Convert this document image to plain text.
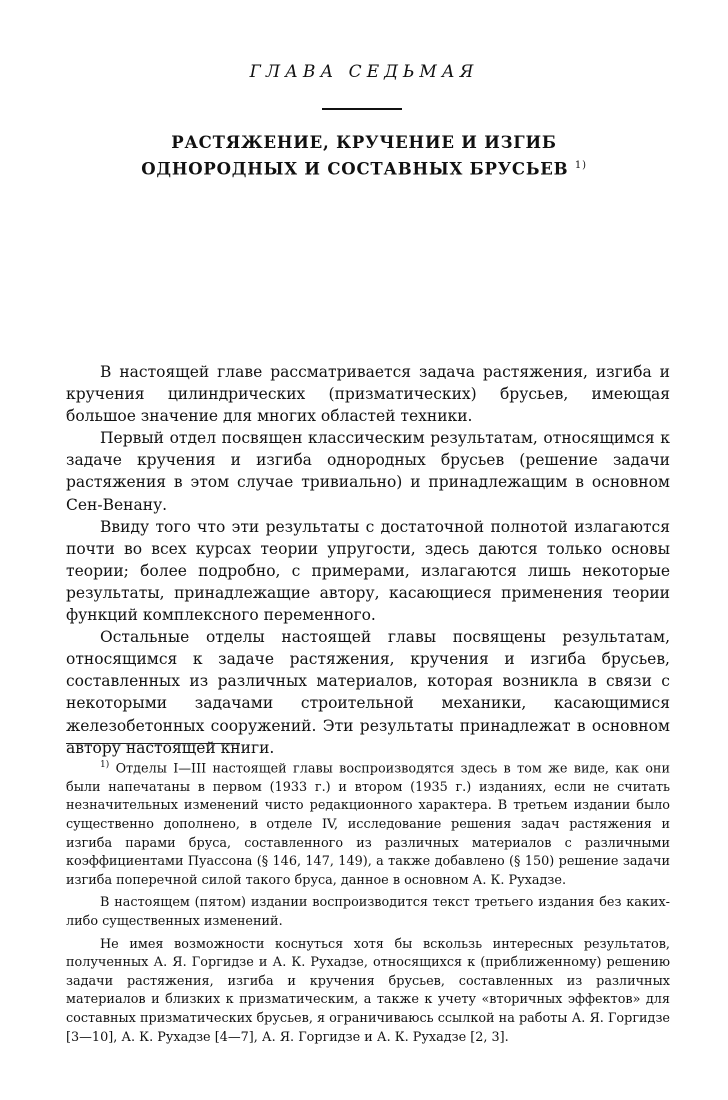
ГЛАВА СЕДЬМАЯ
РАСТЯЖЕНИЕ, КРУЧЕНИЕ И ИЗГИБ
ОДНОРОДНЫХ И СОСТАВНЫХ БРУСЬЕВ $^{1)}$

В настоящей главе рассматривается задача растяжения, изгиба и кручения цилиндрических (призматических) брусьев, имеющая большое значение для многих областей техники.

Первый отдел посвящен классическим результатам, относящимся к задаче кручения и изгиба однородных брусьев (решение задачи растяжения в этом случае тривиально) и принадлежащим в основном Сен-Венану.

Ввиду того что эти результаты с достаточной полнотой излагаются почти во всех курсах теории упругости, здесь даются только основы теории; более подробно, с примерами, излагаются лишь некоторые результаты, принадлежащие автору, касающиеся применения теории функций комплексного переменного.

Остальные отделы настоящей главы посвящены результатам, относящимся к задаче растяжения, кручения и изгиба брусьев, составленных из различных материалов, которая возникла в связи с некоторыми задачами строительной механики, касающимися железобетонных сооружений. Эти результаты принадлежат в основном автору настоящей книги.

$^{1)}$ Отделы I—III настоящей главы воспроизводятся здесь в том же виде, как они были напечатаны в первом (1933 г.) и втором (1935 г.) изданиях, если не считать незначительных изменений чисто редакционного характера. В третьем издании было существенно дополнено, в отделе IV, исследование решения задач растяжения и изгиба парами бруса, составленного из различных материалов с различными коэффициентами Пуассона (§ 146, 147, 149), а также добавлено (§ 150) решение задачи изгиба поперечной силой такого бруса, данное в основном А. К. Рухадзе.

В настоящем (пятом) издании воспроизводится текст третьего издания без каких-либо существенных изменений.

Не имея возможности коснуться хотя бы вскользь интересных результатов, полученных А. Я. Горгидзе и А. К. Рухадзе, относящихся к (приближенному) решению задачи растяжения, изгиба и кручения брусьев, составленных из различных материалов и близких к призматическим, а также к учету «вторичных эффектов» для составных призматических брусьев, я ограничиваюсь ссылкой на работы А. Я. Горгидзе [3—10], А. К. Рухадзе [4—7], А. Я. Горгидзе и А. К. Рухадзе [2, 3].
